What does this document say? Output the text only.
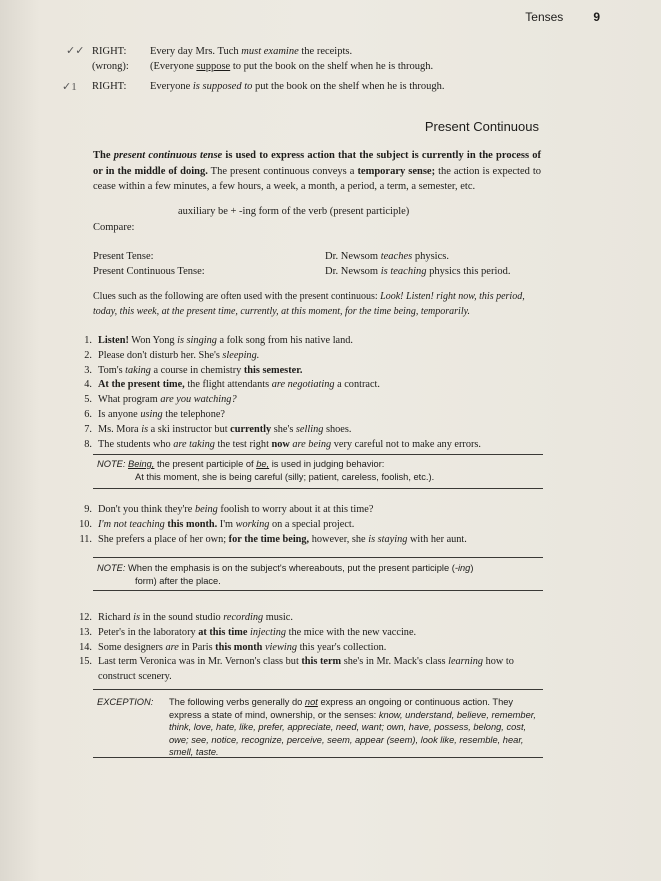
Tenses	9
✓✓ RIGHT: Every day Mrs. Tuch must examine the receipts.
(wrong): (Everyone suppose to put the book on the shelf when he is through.
✓1 RIGHT: Everyone is supposed to put the book on the shelf when he is through.
Present Continuous
The present continuous tense is used to express action that the subject is currently in the process of or in the middle of doing. The present continuous conveys a temporary sense; the action is expected to cease within a few minutes, a few hours, a week, a month, a period, a term, a semester, etc.
auxiliary be + -ing form of the verb (present participle)
Compare:
Present Tense:	Dr. Newsom teaches physics.
Present Continuous Tense:	Dr. Newsom is teaching physics this period.
Clues such as the following are often used with the present continuous: Look! Listen! right now, this period, today, this week, at the present time, currently, at this moment, for the time being, temporarily.
1. Listen! Won Yong is singing a folk song from his native land.
2. Please don't disturb her. She's sleeping.
3. Tom's taking a course in chemistry this semester.
4. At the present time, the flight attendants are negotiating a contract.
5. What program are you watching?
6. Is anyone using the telephone?
7. Ms. Mora is a ski instructor but currently she's selling shoes.
8. The students who are taking the test right now are being very careful not to make any errors.
NOTE: Being, the present participle of be, is used in judging behavior:
At this moment, she is being careful (silly; patient, careless, foolish, etc.).
9. Don't you think they're being foolish to worry about it at this time?
10. I'm not teaching this month. I'm working on a special project.
11. She prefers a place of her own; for the time being, however, she is staying with her aunt.
NOTE: When the emphasis is on the subject's whereabouts, put the present participle (-ing)
form) after the place.
12. Richard is in the sound studio recording music.
13. Peter's in the laboratory at this time injecting the mice with the new vaccine.
14. Some designers are in Paris this month viewing this year's collection.
15. Last term Veronica was in Mr. Vernon's class but this term she's in Mr. Mack's class learning how to construct scenery.
EXCEPTION:	The following verbs generally do not express an ongoing or continuous action. They express a state of mind, ownership, or the senses: know, understand, believe, remember, think, love, hate, like, prefer, appreciate, need, want; own, have, possess, belong, cost, owe; see, notice, recognize, perceive, seem, appear (seem), look like, resemble, hear, smell, taste.
